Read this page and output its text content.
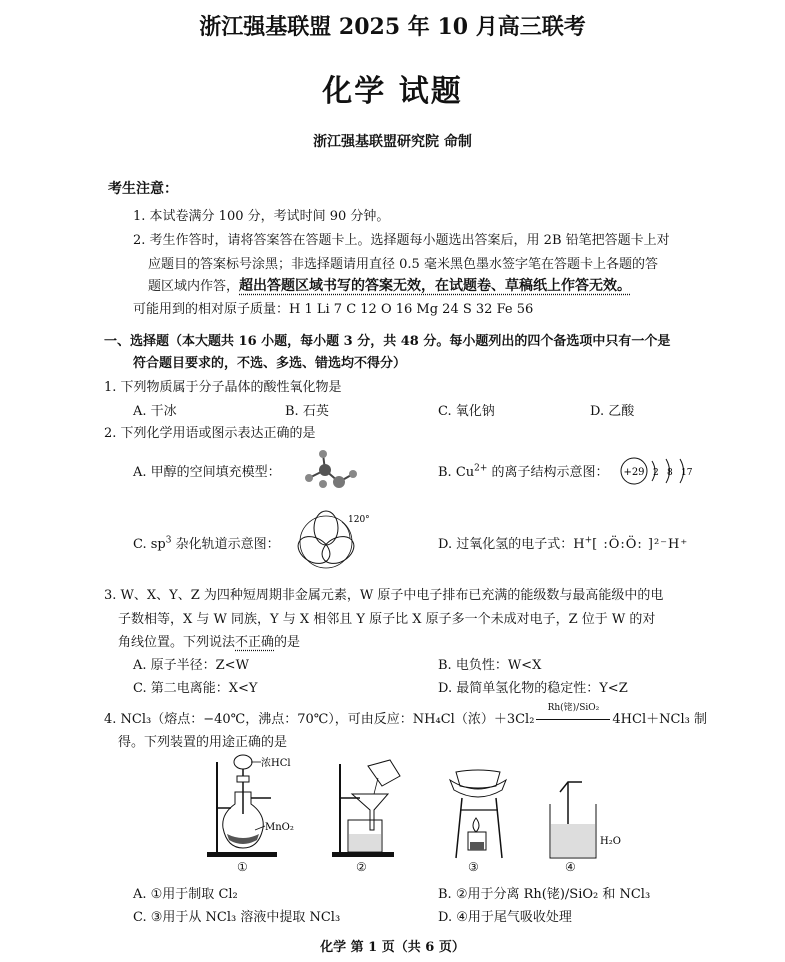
浙江强基联盟 2025 年 10 月高三联考
化学 试题
浙江强基联盟研究院 命制
考生注意：
1. 本试卷满分 100 分，考试时间 90 分钟。
2. 考生作答时，请将答案答在答题卡上。选择题每小题选出答案后，用 2B 铅笔把答题卡上对
应题目的答案标号涂黑；非选择题请用直径 0.5 毫米黑色墨水签字笔在答题卡上各题的答
题区域内作答，超出答题区域书写的答案无效，在试题卷、草稿纸上作答无效。
可能用到的相对原子质量：H 1 Li 7 C 12 O 16 Mg 24 S 32 Fe 56
一、选择题（本大题共 16 小题，每小题 3 分，共 48 分。每小题列出的四个备选项中只有一个是
符合题目要求的，不选、多选、错选均不得分）
1. 下列物质属于分子晶体的酸性氧化物是
A. 干冰	B. 石英	C. 氧化钠	D. 乙酸
2. 下列化学用语或图示表达正确的是
A. 甲醇的空间填充模型：	B. $Cu^{2+}$ 的离子结构示意图： +29 2 8 17
C. $sp^3$ 杂化轨道示意图：
120°
D. 过氧化氢的电子式：H+[ :Ö:Ö: ]²⁻H⁺
3. W、X、Y、Z 为四种短周期非金属元素，W 原子中电子排布已充满的能级数与最高能级中的电
子数相等，X 与 W 同族，Y 与 X 相邻且 Y 原子比 X 原子多一个未成对电子，Z 位于 W 的对
角线位置。下列说法不正确的是
A. 原子半径：Z<W	B. 电负性：W<X
C. 第二电离能：X<Y	D. 最简单氢化物的稳定性：Y<Z
4. NCl₃（熔点：−40℃，沸点：70℃），可由反应：NH₄Cl（浓）＋3Cl₂
Rh(铑)/SiO₂
4HCl＋NCl₃ 制
得。下列装置的用途正确的是
浓HCl
MnO₂
①	②	③
H₂O
④
A. ①用于制取 Cl₂	B. ②用于分离 Rh(铑)/SiO₂ 和 NCl₃
C. ③用于从 NCl₃ 溶液中提取 NCl₃	D. ④用于尾气吸收处理
化学 第 1 页（共 6 页）
